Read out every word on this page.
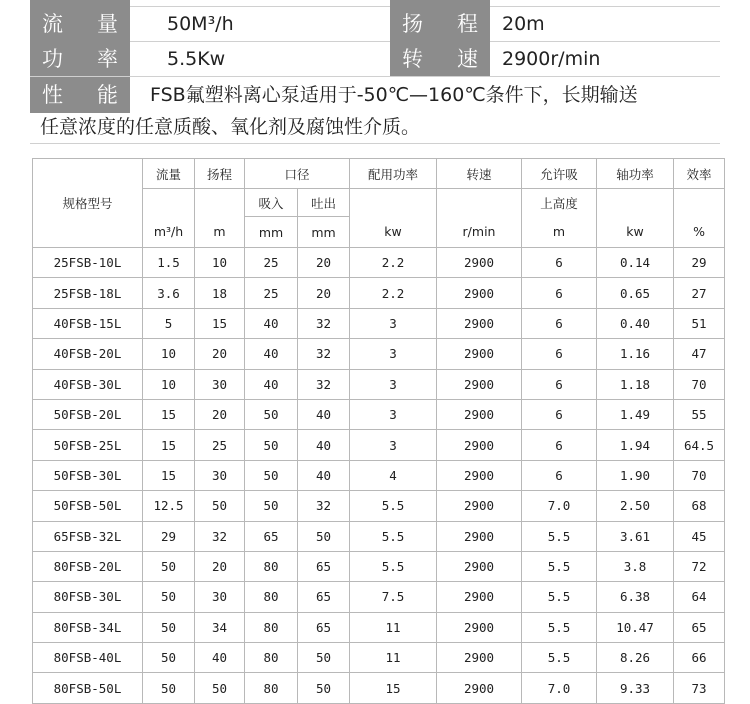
流 量	50M³/h	扬 程	20m
功 率	5.5Kw	转 速	2900r/min
性 能	FSB氟塑料离心泵适用于-50℃—160℃条件下，长期输送
任意浓度的任意质酸、氧化剂及腐蚀性介质。
规格型号	流量	扬程	口径		配用功率	转速	允许吸	轴功率	效率
			吸入	吐出			上高度		
	m³/h	m	mm	mm	kw	r/min	m	kw	%
25FSB-10L	1.5	10	25	20	2.2	2900	6	0.14	29
25FSB-18L	3.6	18	25	20	2.2	2900	6	0.65	27
40FSB-15L	5	15	40	32	3	2900	6	0.40	51
40FSB-20L	10	20	40	32	3	2900	6	1.16	47
40FSB-30L	10	30	40	32	3	2900	6	1.18	70
50FSB-20L	15	20	50	40	3	2900	6	1.49	55
50FSB-25L	15	25	50	40	3	2900	6	1.94	64.5
50FSB-30L	15	30	50	40	4	2900	6	1.90	70
50FSB-50L	12.5	50	50	32	5.5	2900	7.0	2.50	68
65FSB-32L	29	32	65	50	5.5	2900	5.5	3.61	45
80FSB-20L	50	20	80	65	5.5	2900	5.5	3.8	72
80FSB-30L	50	30	80	65	7.5	2900	5.5	6.38	64
80FSB-34L	50	34	80	65	11	2900	5.5	10.47	65
80FSB-40L	50	40	80	50	11	2900	5.5	8.26	66
80FSB-50L	50	50	80	50	15	2900	7.0	9.33	73
